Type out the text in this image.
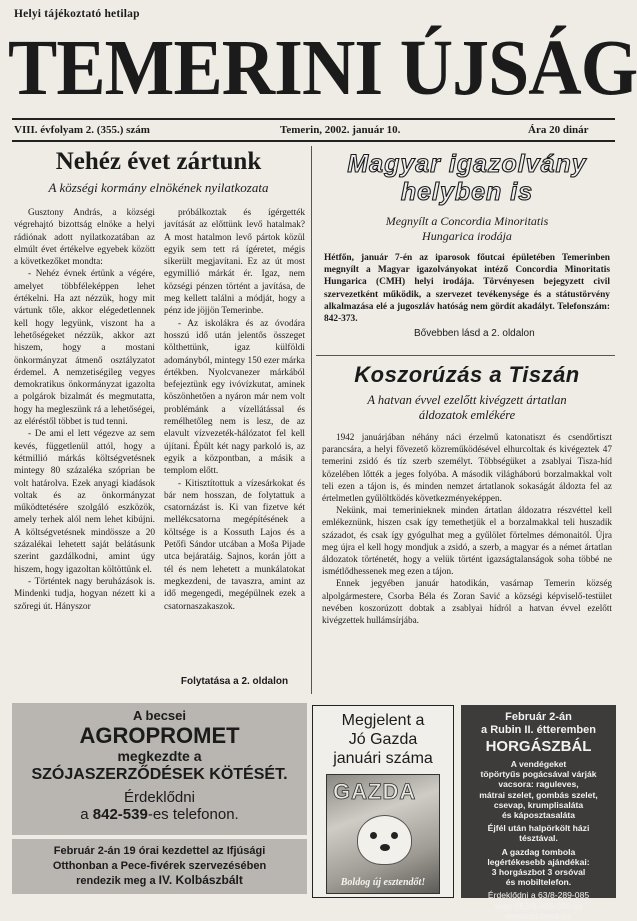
Helyi tájékoztató hetilap
TEMERINI ÚJSÁG
VIII. évfolyam 2. (355.) szám	Temerin, 2002. január 10.	Ára 20 dinár
Nehéz évet zártunk
A községi kormány elnökének nyilatkozata
Gusztony András, a községi végrehajtó bizottság elnöke a helyi rádiónak adott nyilatkozatában az elmúlt évet értékelve egyebek között a következőket mondta:
- Nehéz évnek értünk a végére, amelyet többféleképpen lehet értékelni. Ha azt nézzük, hogy mit vártunk tőle, akkor elégedetlennek kell hogy legyünk, viszont ha a lehetőségeket nézzük, akkor azt hiszem, hogy a mostani önkormányzat átmenő osztályzatot érdemel. A nemzetiségileg vegyes demokratikus önkormányzat igazolta a polgárok bizalmát és megmutatta, hogy ha megleszünk rá a lehetőségei, az eléréstől többet is tud tenni.
- De ami el lett végezve az sem kevés, függetlenül attól, hogy a kétmillió márkás költségvetésnek mintegy 80 százaléka szóprian be volt határolva. Ezek anyagi kiadások voltak és az önkormányzat működtetésére szolgáló eszközök, amely terhek alól nem lehet kibújni. A költségvetésnek mindössze a 20 százalékai lehetett saját belátásunk szerint gazdálkodni, amint úgy hiszem, hogy igazoltan költöttünk el.
- Történtek nagy beruházások is. Mindenki tudja, hogyan nézett ki a szőregi út. Hányszor
próbálkoztak és ígérgették javítását az előttünk levő hatalmak? A most hatalmon levő pártok közül egyik sem tett rá ígéretet, mégis sikerült megjavítani. Ez az út most egymillió márkát ér. Igaz, nem községi pénzen történt a javítása, de meg kellett találni a módját, hogy a pénz ide jöjjön Temerinbe.
- Az iskolákra és az óvodára hosszú idő után jelentős összeget költhettünk, igaz külföldi adományból, mintegy 150 ezer márka értékben. Nyolcvanezer márkából befejeztünk egy ivóvízkutat, aminek köszönhetően a nyáron már nem volt problémánk a vízellátással és remélhetőleg nem is lesz, de az elavult vízvezeték-hálózatot fel kell újítani. Épült két nagy parkoló is, az egyik a központban, a másik a templom előtt.
- Kitisztítottuk a vízesárkokat és bár nem hosszan, de folytattuk a csatornázást is. Ki van fizetve két mellékcsatorna megépítésének a költsége is a Kossuth Lajos és a Petőfi Sándor utcában a Moša Pijade utca bejáratáig. Sajnos, korán jött a tél és nem lehetett a munkálatokat megkezdeni, de tavaszra, amint az idő megengedi, megépülnek ezek a csatornaszakaszok.
Folytatása a 2. oldalon
Magyar igazolvány
helyben is
Megnyílt a Concordia Minoritatis
Hungarica irodája
Hétfőn, január 7-én az iparosok főutcai épületében Temerinben megnyílt a Magyar igazolványokat intéző Concordia Minoritatis Hungarica (CMH) helyi irodája. Törvényesen bejegyzett civil szervezetként működik, a szervezet tevékenysége és a státustörvény alkalmazása elé a jugoszláv hatóság nem gördít akadályt. Telefonszám: 842-373.
Bővebben lásd a 2. oldalon
Koszorúzás a Tiszán
A hatvan évvel ezelőtt kivégzett ártatlan
áldozatok emlékére
1942 januárjában néhány náci érzelmű katonatiszt és csendőrtiszt parancsára, a helyi fővezető közreműködésével elhurcoltak és kivégeztek 47 temerini zsidó és tíz szerb személyt. Többségüket a zsablyai Tisza-híd közelében lőtték a jeges folyóba. A második világháború borzalmakkal volt teli ezen a tájon is, és minden nemzet ártatlanok sokaságát áldozta fel az értelmetlen gyűlöltködés következményeképpen.
Nekünk, mai temerinieknek minden ártatlan áldozatra részvéttel kell emlékeznünk, hiszen csak így temethetjük el a borzalmakkal teli huszadik századot, és csak így gyógulhat meg a gyűlölet förtelmes démonaitól. Újra meg újra el kell hogy mondjuk a zsidó, a szerb, a magyar és a német ártatlan áldozatok történetét, hogy a velük történt igazságtalanságok soha többé ne ismétlődhessenek meg ezen a tájon.
Ennek jegyében január hatodikán, vasárnap Temerin község alpolgármestere, Csorba Béla és Zoran Savić a községi képviselő-testület nevében koszorúzott dobtak a zsablyai hídról a hatvan évvel ezelőtt kivégzettek hullámsírjába.
A becsei
AGROPROMET
megkezdte a
SZÓJASZERZŐDÉSEK KÖTÉSÉT.
Érdeklődni
a 842-539-es telefonon.
Február 2-án 19 órai kezdettel az Ifjúsági
Otthonban a Pece-fivérek szervezésében
rendezik meg a IV. Kolbászbált
Megjelent a
Jó Gazda
januári száma
GAZDA
Boldog új esztendőt!
Február 2-án
a Rubin II. étteremben
HORGÁSZBÁL
A vendégeket
töpörtyűs pogácsával várják
vacsora: raguleves,
mátrai szelet, gombás szelet,
csevap, krumplisaláta
és káposztasaláta
Éjfél után halpörkölt házi
tésztával.
A gazdag tombola
legértékesebb ajándékai:
3 horgászbot 3 orsóval
és mobiltelefon.
Érdeklődni a 63/8-289-085
vagy 063/8-485-330-as
telefonszámokon.
